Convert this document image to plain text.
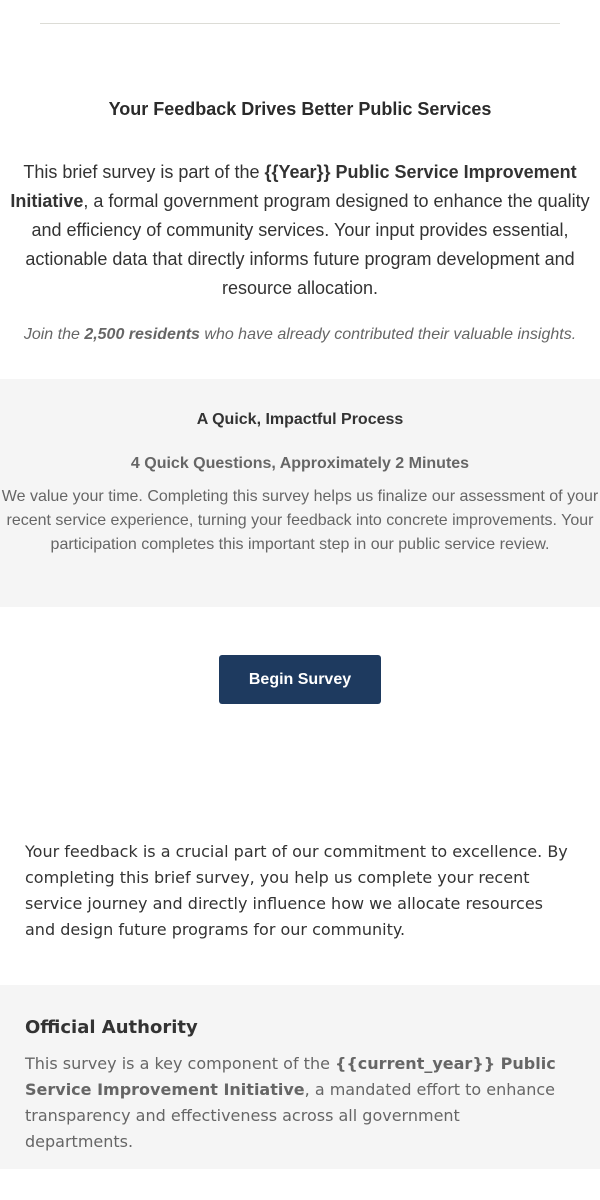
Your Feedback Drives Better Public Services

This brief survey is part of the {{Year}} Public Service Improvement Initiative, a formal government program designed to enhance the quality and efficiency of community services. Your input provides essential, actionable data that directly informs future program development and resource allocation.

Join the 2,500 residents who have already contributed their valuable insights.

A Quick, Impactful Process

4 Quick Questions, Approximately 2 Minutes

We value your time. Completing this survey helps us finalize our assessment of your recent service experience, turning your feedback into concrete improvements. Your participation completes this important step in our public service review.

Begin Survey

Your feedback is a crucial part of our commitment to excellence. By completing this brief survey, you help us complete your recent service journey and directly influence how we allocate resources and design future programs for our community.

Official Authority

This survey is a key component of the {{current_year}} Public Service Improvement Initiative, a mandated effort to enhance transparency and effectiveness across all government departments.
